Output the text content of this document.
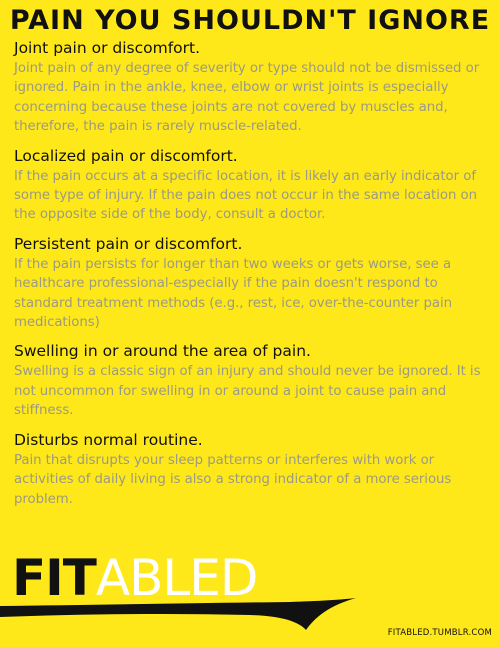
PAIN YOU SHOULDN'T IGNORE
Joint pain or discomfort.
Joint pain of any degree of severity or type should not be dismissed or ignored. Pain in the ankle, knee, elbow or wrist joints is especially concerning because these joints are not covered by muscles and, therefore, the pain is rarely muscle-related.
Localized pain or discomfort.
If the pain occurs at a specific location, it is likely an early indicator of some type of injury. If the pain does not occur in the same location on the opposite side of the body, consult a doctor.
Persistent pain or discomfort.
If the pain persists for longer than two weeks or gets worse, see a healthcare professional-especially if the pain doesn't respond to standard treatment methods (e.g., rest, ice, over-the-counter pain medications)
Swelling in or around the area of pain.
Swelling is a classic sign of an injury and should never be ignored. It is not uncommon for swelling in or around a joint to cause pain and stiffness.
Disturbs normal routine.
Pain that disrupts your sleep patterns or interferes with work or activities of daily living is also a strong indicator of a more serious problem.
FITABLED
FITABLED.TUMBLR.COM
